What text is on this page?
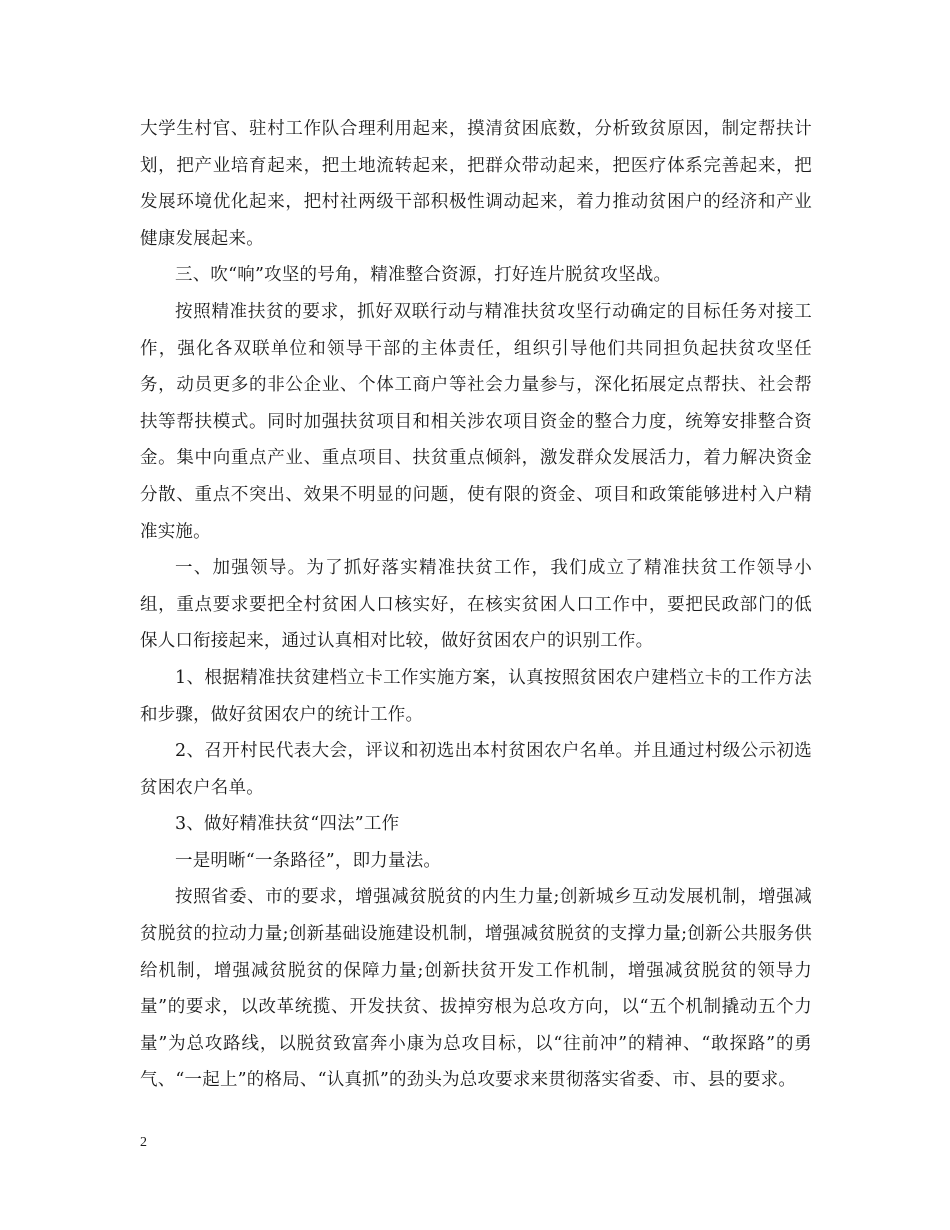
大学生村官、驻村工作队合理利用起来，摸清贫困底数，分析致贫原因，制定帮扶计划，把产业培育起来，把土地流转起来，把群众带动起来，把医疗体系完善起来，把发展环境优化起来，把村社两级干部积极性调动起来，着力推动贫困户的经济和产业健康发展起来。

三、吹“响”攻坚的号角，精准整合资源，打好连片脱贫攻坚战。

按照精准扶贫的要求，抓好双联行动与精准扶贫攻坚行动确定的目标任务对接工作，强化各双联单位和领导干部的主体责任，组织引导他们共同担负起扶贫攻坚任务，动员更多的非公企业、个体工商户等社会力量参与，深化拓展定点帮扶、社会帮扶等帮扶模式。同时加强扶贫项目和相关涉农项目资金的整合力度，统筹安排整合资金。集中向重点产业、重点项目、扶贫重点倾斜，激发群众发展活力，着力解决资金分散、重点不突出、效果不明显的问题，使有限的资金、项目和政策能够进村入户精准实施。

一、加强领导。为了抓好落实精准扶贫工作，我们成立了精准扶贫工作领导小组，重点要求要把全村贫困人口核实好，在核实贫困人口工作中，要把民政部门的低保人口衔接起来，通过认真相对比较，做好贫困农户的识别工作。

1、根据精准扶贫建档立卡工作实施方案，认真按照贫困农户建档立卡的工作方法和步骤，做好贫困农户的统计工作。

2、召开村民代表大会，评议和初选出本村贫困农户名单。并且通过村级公示初选贫困农户名单。

3、做好精准扶贫“四法”工作

一是明晰“一条路径”，即力量法。

按照省委、市的要求，增强减贫脱贫的内生力量;创新城乡互动发展机制，增强减贫脱贫的拉动力量;创新基础设施建设机制，增强减贫脱贫的支撑力量;创新公共服务供给机制，增强减贫脱贫的保障力量;创新扶贫开发工作机制，增强减贫脱贫的领导力量”的要求，以改革统揽、开发扶贫、拔掉穷根为总攻方向，以“五个机制撬动五个力量”为总攻路线，以脱贫致富奔小康为总攻目标，以“往前冲”的精神、“敢探路”的勇气、“一起上”的格局、“认真抓”的劲头为总攻要求来贯彻落实省委、市、县的要求。

2
